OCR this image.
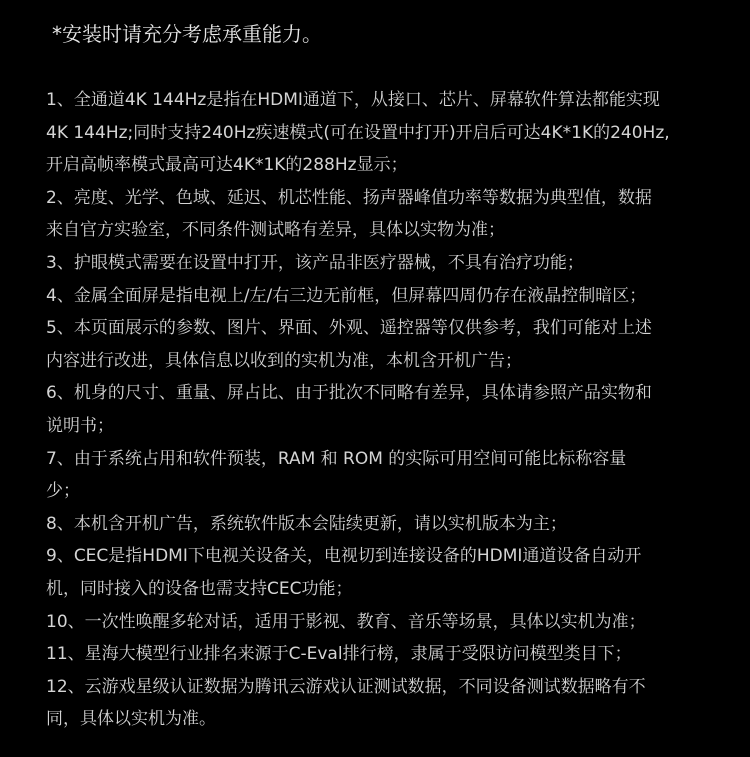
*安装时请充分考虑承重能力。
1、全通道4K 144Hz是指在HDMI通道下，从接口、芯片、屏幕软件算法都能实现
4K 144Hz;同时支持240Hz疾速模式(可在设置中打开)开启后可达4K*1K的240Hz,
开启高帧率模式最高可达4K*1K的288Hz显示；
2、亮度、光学、色域、延迟、机芯性能、扬声器峰值功率等数据为典型值，数据
来自官方实验室，不同条件测试略有差异，具体以实物为准；
3、护眼模式需要在设置中打开，该产品非医疗器械，不具有治疗功能；
4、金属全面屏是指电视上/左/右三边无前框，但屏幕四周仍存在液晶控制暗区；
5、本页面展示的参数、图片、界面、外观、遥控器等仅供参考，我们可能对上述
内容进行改进，具体信息以收到的实机为准，本机含开机广告；
6、机身的尺寸、重量、屏占比、由于批次不同略有差异，具体请参照产品实物和
说明书；
7、由于系统占用和软件预装，RAM 和 ROM 的实际可用空间可能比标称容量
少；
8、本机含开机广告，系统软件版本会陆续更新，请以实机版本为主；
9、CEC是指HDMI下电视关设备关，电视切到连接设备的HDMI通道设备自动开
机，同时接入的设备也需支持CEC功能；
10、一次性唤醒多轮对话，适用于影视、教育、音乐等场景，具体以实机为准；
11、星海大模型行业排名来源于C-Eval排行榜，隶属于受限访问模型类目下；
12、云游戏星级认证数据为腾讯云游戏认证测试数据，不同设备测试数据略有不
同，具体以实机为准。
